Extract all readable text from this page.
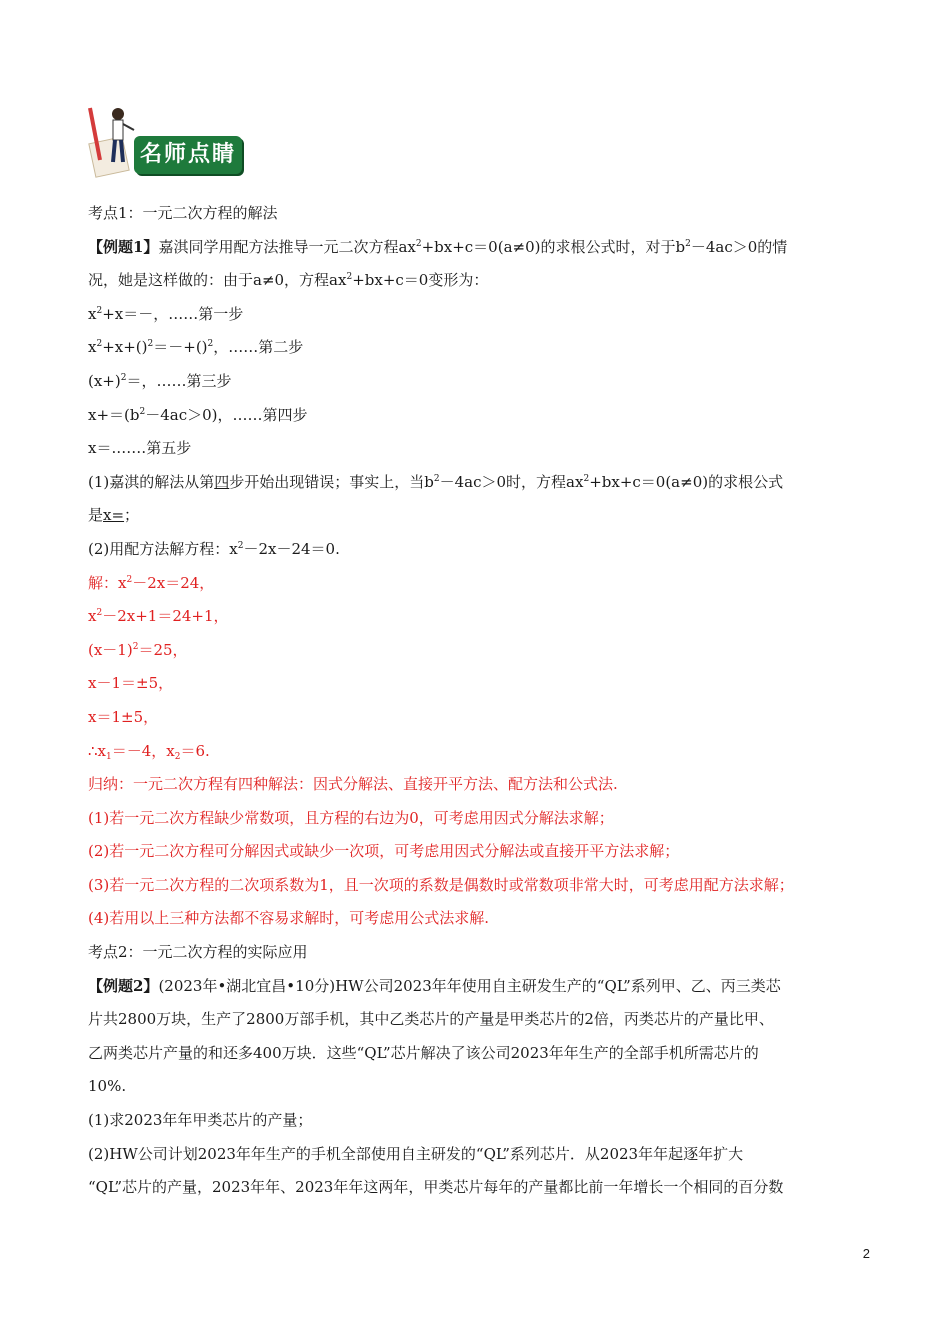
名师点睛
考点1：一元二次方程的解法
【例题1】嘉淇同学用配方法推导一元二次方程$ax^2+bx+c=0(a\ne 0)$的求根公式时，对于$b^2-4ac>0$的情
况，她是这样做的：由于a≠0，方程$ax^2+bx+c=0$变形为：
$x^2+x=-$，……第一步
$x^2+x+()^2=-+()^2$，……第二步
$(x+)^2=$，……第三步
$x+=(b^2-4ac>0)$，……第四步
x＝.……第五步
(1)嘉淇的解法从第四步开始出现错误；事实上，当$b^2-4ac>0$时，方程$ax^2+bx+c=0(a\ne 0)$的求根公式
是x=；
(2)用配方法解方程：$x^2-2x-24=0$.
解：$x^2-2x=24$，
$x^2-2x+1=24+1$，
$(x-1)^2=25$，
x－1＝±5，
x＝1±5，
$\therefore x_1=-4$，$x_2=6$.
归纳：一元二次方程有四种解法：因式分解法、直接开平方法、配方法和公式法.
(1)若一元二次方程缺少常数项，且方程的右边为0，可考虑用因式分解法求解；
(2)若一元二次方程可分解因式或缺少一次项，可考虑用因式分解法或直接开平方法求解；
(3)若一元二次方程的二次项系数为1，且一次项的系数是偶数时或常数项非常大时，可考虑用配方法求解；
(4)若用以上三种方法都不容易求解时，可考虑用公式法求解.
考点2：一元二次方程的实际应用
【例题2】(2023年•湖北宜昌•10分)HW公司2023年年使用自主研发生产的“QL”系列甲、乙、丙三类芯
片共2800万块，生产了2800万部手机，其中乙类芯片的产量是甲类芯片的2倍，丙类芯片的产量比甲、
乙两类芯片产量的和还多400万块．这些“QL”芯片解决了该公司2023年年生产的全部手机所需芯片的
10%.
(1)求2023年年甲类芯片的产量；
(2)HW公司计划2023年年生产的手机全部使用自主研发的“QL”系列芯片．从2023年年起逐年扩大
“QL”芯片的产量，2023年年、2023年年这两年，甲类芯片每年的产量都比前一年增长一个相同的百分数
2
